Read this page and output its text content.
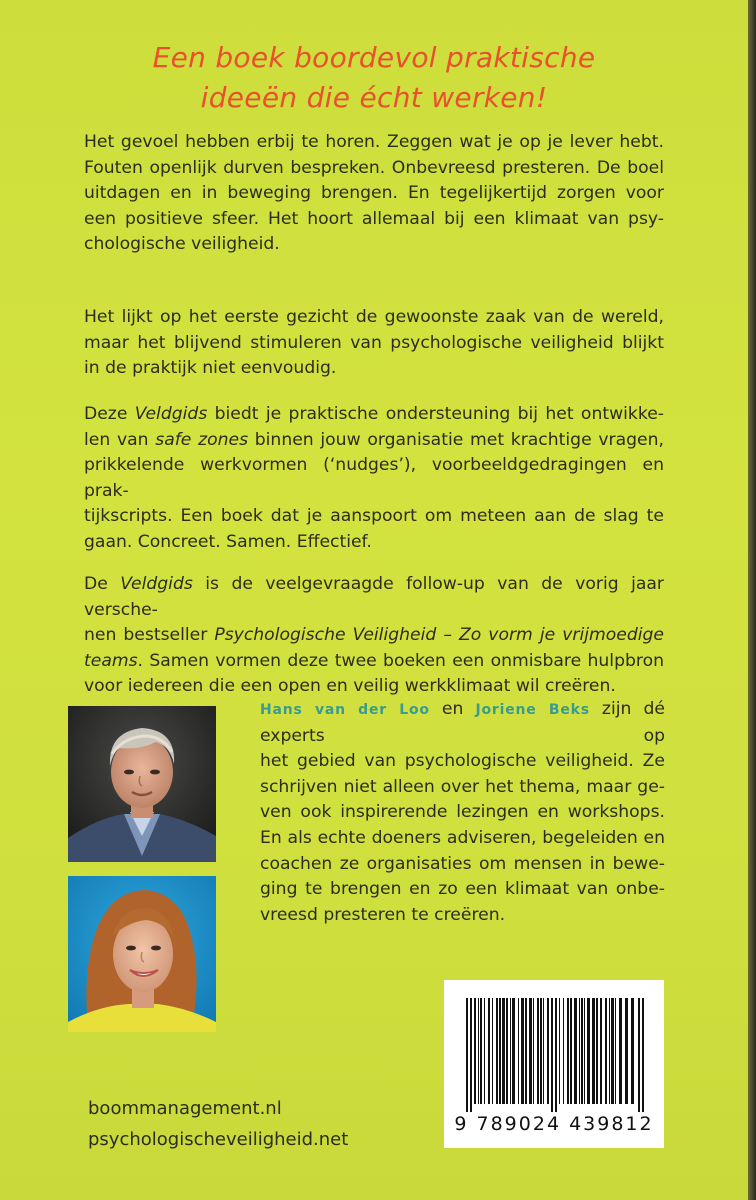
Een boek boordevol praktische
ideeën die écht werken!

Het gevoel hebben erbij te horen. Zeggen wat je op je lever hebt.
Fouten openlijk durven bespreken. Onbevreesd presteren. De boel
uitdagen en in beweging brengen. En tegelijkertijd zorgen voor
een positieve sfeer. Het hoort allemaal bij een klimaat van psy-
chologische veiligheid.

Het lijkt op het eerste gezicht de gewoonste zaak van de wereld,
maar het blijvend stimuleren van psychologische veiligheid blijkt
in de praktijk niet eenvoudig.

Deze Veldgids biedt je praktische ondersteuning bij het ontwikke-
len van safe zones binnen jouw organisatie met krachtige vragen,
prikkelende werkvormen (‘nudges’), voorbeeldgedragingen en prak-
tijkscripts. Een boek dat je aanspoort om meteen aan de slag te
gaan. Concreet. Samen. Effectief.

De Veldgids is de veelgevraagde follow-up van de vorig jaar versche-
nen bestseller Psychologische Veiligheid – Zo vorm je vrijmoedige
teams. Samen vormen deze twee boeken een onmisbare hulpbron
voor iedereen die een open en veilig werkklimaat wil creëren.

Hans van der Loo en Joriene Beks zijn dé experts op
het gebied van psychologische veiligheid. Ze
schrijven niet alleen over het thema, maar ge-
ven ook inspirerende lezingen en workshops.
En als echte doeners adviseren, begeleiden en
coachen ze organisaties om mensen in bewe-
ging te brengen en zo een klimaat van onbe-
vreesd presteren te creëren.
boommanagement.nl
psychologischeveiligheid.net
9 789024 439812
